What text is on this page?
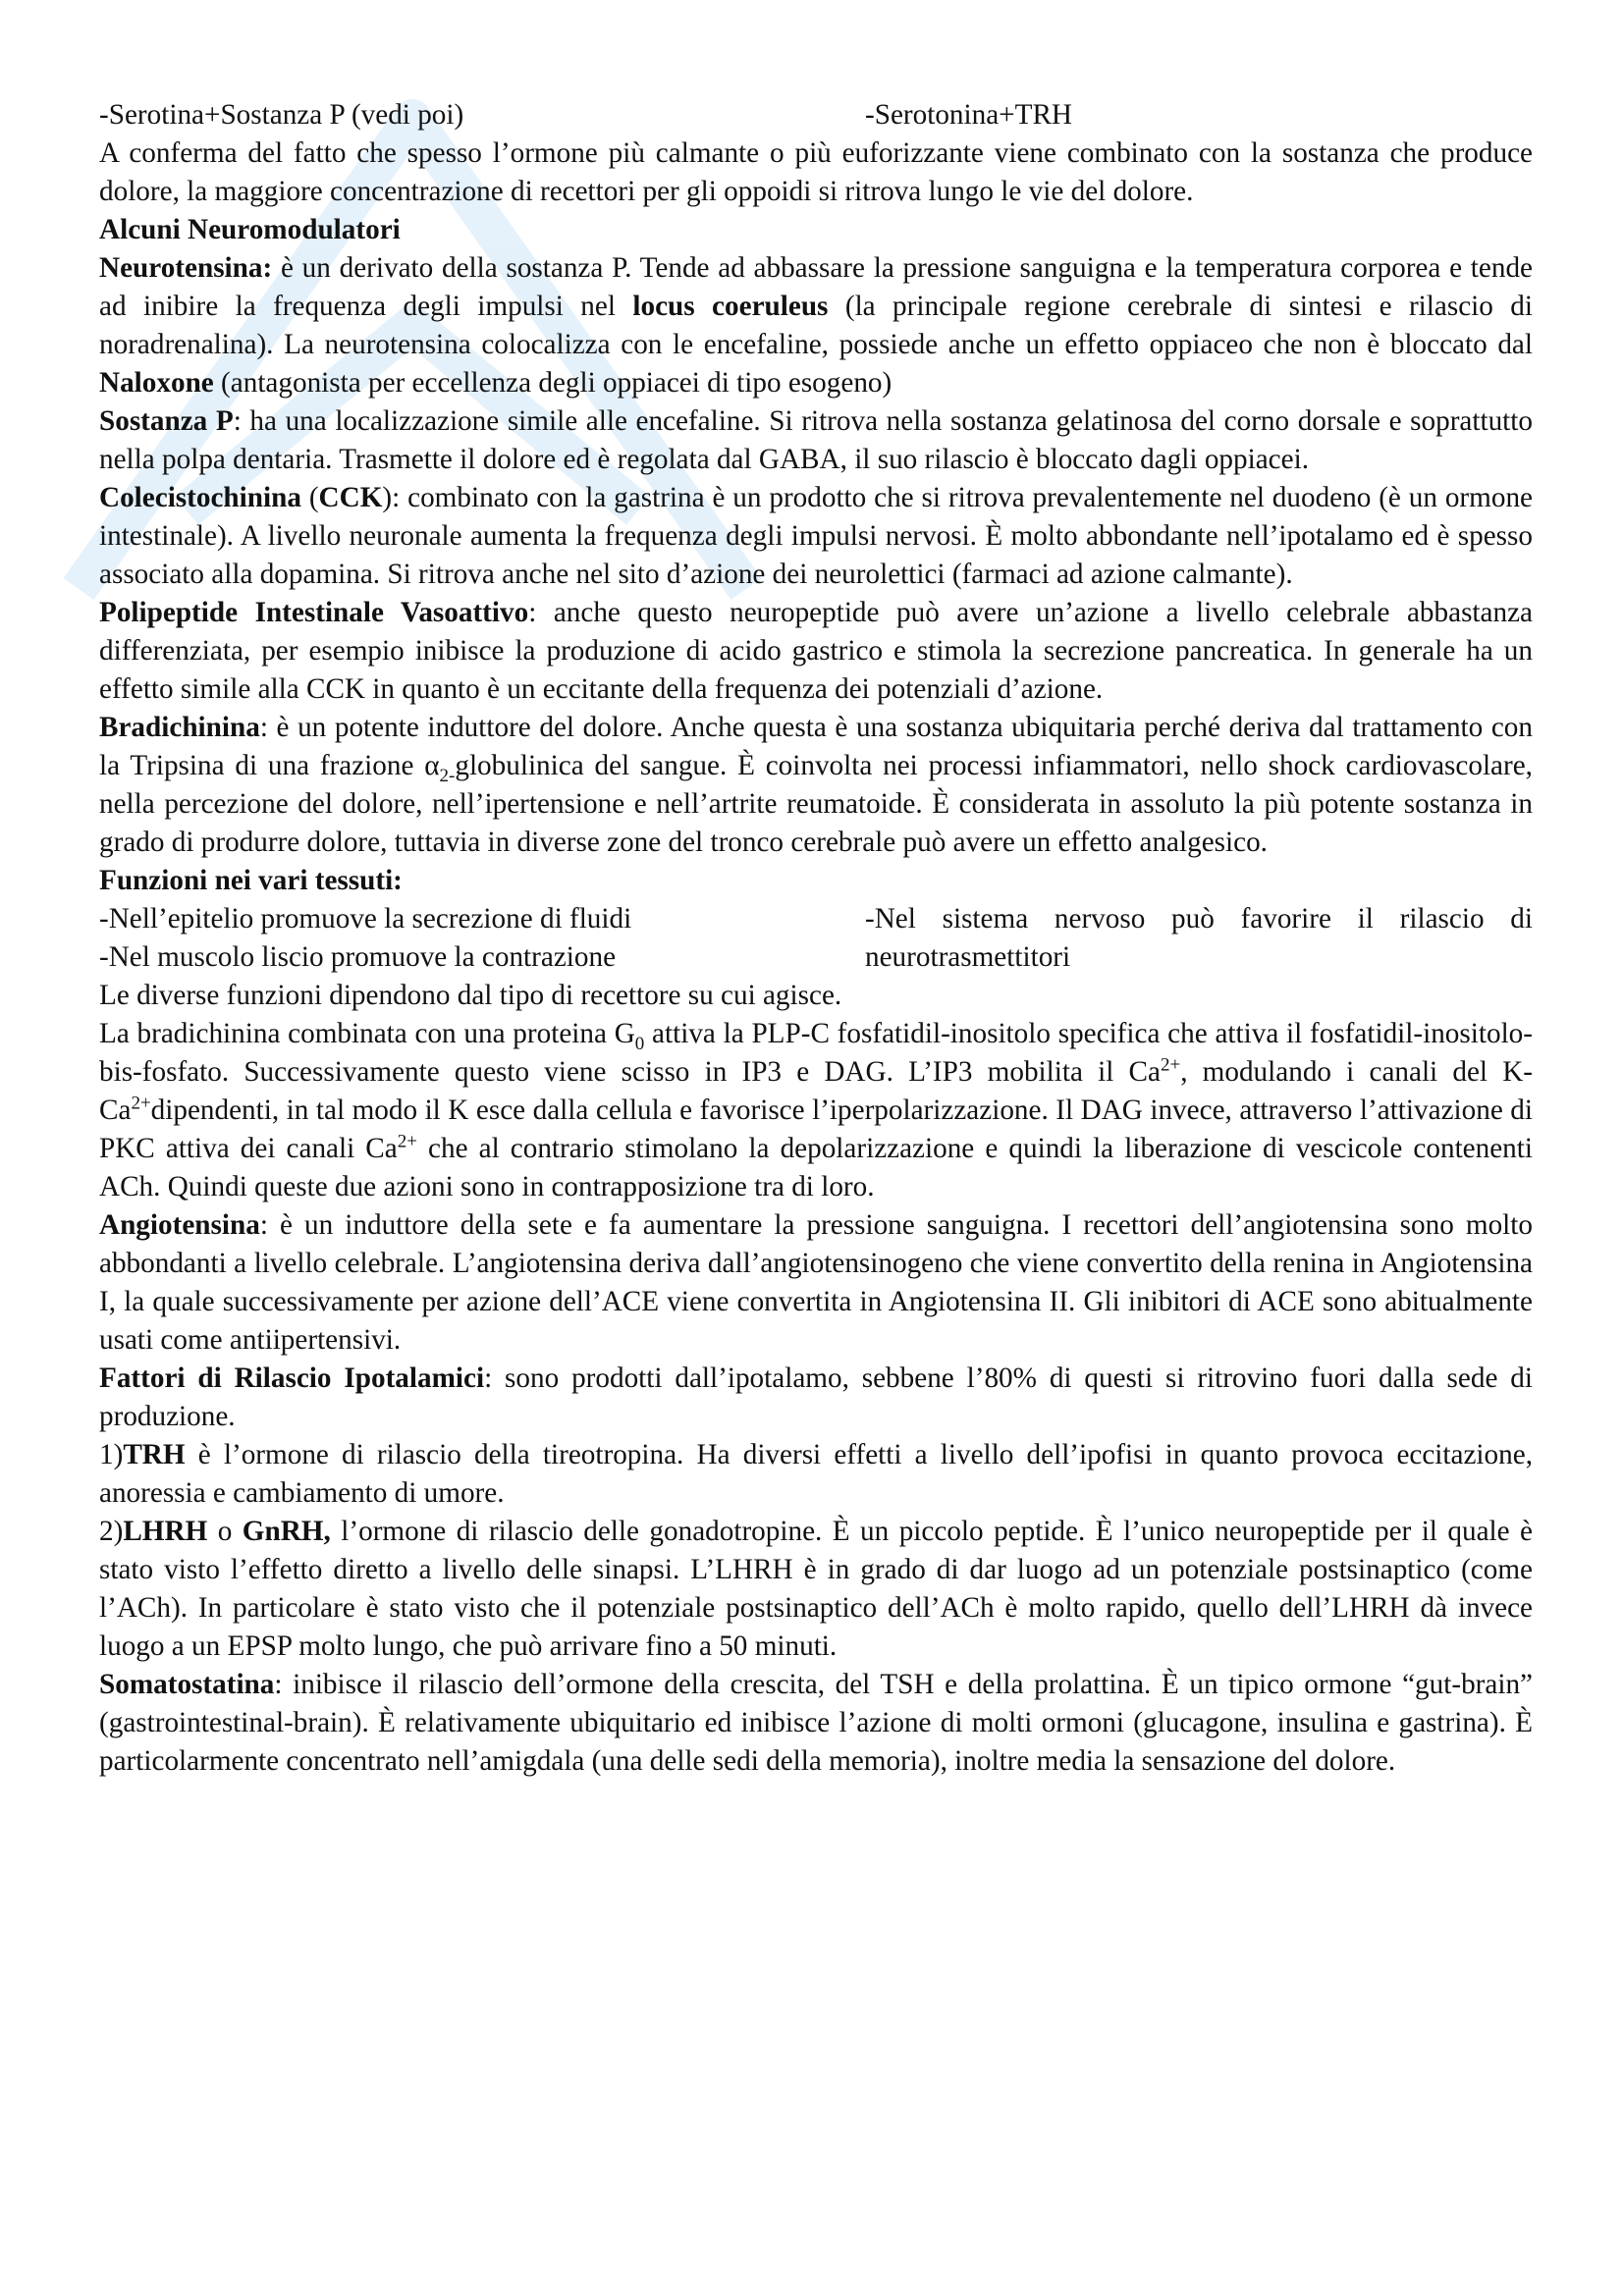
-Serotina+Sostanza P (vedi poi)	-Serotonina+TRH

A conferma del fatto che spesso l’ormone più calmante o più euforizzante viene combinato con la sostanza che produce dolore, la maggiore concentrazione di recettori per gli oppoidi si ritrova lungo le vie del dolore.

Alcuni Neuromodulatori

Neurotensina: è un derivato della sostanza P. Tende ad abbassare la pressione sanguigna e la temperatura corporea e tende ad inibire la frequenza degli impulsi nel locus coeruleus (la principale regione cerebrale di sintesi e rilascio di noradrenalina). La neurotensina colocalizza con le encefaline, possiede anche un effetto oppiaceo che non è bloccato dal Naloxone (antagonista per eccellenza degli oppiacei di tipo esogeno)

Sostanza P: ha una localizzazione simile alle encefaline. Si ritrova nella sostanza gelatinosa del corno dorsale e soprattutto nella polpa dentaria. Trasmette il dolore ed è regolata dal GABA, il suo rilascio è bloccato dagli oppiacei.

Colecistochinina (CCK): combinato con la gastrina è un prodotto che si ritrova prevalentemente nel duodeno (è un ormone intestinale). A livello neuronale aumenta la frequenza degli impulsi nervosi. È molto abbondante nell’ipotalamo ed è spesso associato alla dopamina. Si ritrova anche nel sito d’azione dei neurolettici (farmaci ad azione calmante).

Polipeptide Intestinale Vasoattivo: anche questo neuropeptide può avere un’azione a livello celebrale abbastanza differenziata, per esempio inibisce la produzione di acido gastrico e stimola la secrezione pancreatica. In generale ha un effetto simile alla CCK in quanto è un eccitante della frequenza dei potenziali d’azione.

Bradichinina: è un potente induttore del dolore. Anche questa è una sostanza ubiquitaria perché deriva dal trattamento con la Tripsina di una frazione $\alpha_{2-}globulinica$ del sangue. È coinvolta nei processi infiammatori, nello shock cardiovascolare, nella percezione del dolore, nell’ipertensione e nell’artrite reumatoide. È considerata in assoluto la più potente sostanza in grado di produrre dolore, tuttavia in diverse zone del tronco cerebrale può avere un effetto analgesico.

Funzioni nei vari tessuti:

-Nell’epitelio promuove la secrezione di fluidi
-Nel muscolo liscio promuove la contrazione
-Nel sistema nervoso può favorire il rilascio di neurotrasmettitori

Le diverse funzioni dipendono dal tipo di recettore su cui agisce.

La bradichinina combinata con una proteina $G_0$ attiva la PLP-C fosfatidil-inositolo specifica che attiva il fosfatidil-inositolo-bis-fosfato. Successivamente questo viene scisso in IP3 e DAG. L’IP3 mobilita il $Ca^{2+}$, modulando i canali del K- $Ca^{2+}dipendenti$, in tal modo il K esce dalla cellula e favorisce l’iperpolarizzazione. Il DAG invece, attraverso l’attivazione di PKC attiva dei canali $Ca^{2+}$ che al contrario stimolano la depolarizzazione e quindi la liberazione di vescicole contenenti ACh. Quindi queste due azioni sono in contrapposizione tra di loro.

Angiotensina: è un induttore della sete e fa aumentare la pressione sanguigna. I recettori dell’angiotensina sono molto abbondanti a livello celebrale. L’angiotensina deriva dall’angiotensinogeno che viene convertito della renina in Angiotensina I, la quale successivamente per azione dell’ACE viene convertita in Angiotensina II. Gli inibitori di ACE sono abitualmente usati come antiipertensivi.

Fattori di Rilascio Ipotalamici: sono prodotti dall’ipotalamo, sebbene l’80% di questi si ritrovino fuori dalla sede di produzione.

1)TRH è l’ormone di rilascio della tireotropina. Ha diversi effetti a livello dell’ipofisi in quanto provoca eccitazione, anoressia e cambiamento di umore.

2)LHRH o GnRH, l’ormone di rilascio delle gonadotropine. È un piccolo peptide. È l’unico neuropeptide per il quale è stato visto l’effetto diretto a livello delle sinapsi. L’LHRH è in grado di dar luogo ad un potenziale postsinaptico (come l’ACh). In particolare è stato visto che il potenziale postsinaptico dell’ACh è molto rapido, quello dell’LHRH dà invece luogo a un EPSP molto lungo, che può arrivare fino a 50 minuti.

Somatostatina: inibisce il rilascio dell’ormone della crescita, del TSH e della prolattina. È un tipico ormone “gut-brain” (gastrointestinal-brain). È relativamente ubiquitario ed inibisce l’azione di molti ormoni (glucagone, insulina e gastrina). È particolarmente concentrato nell’amigdala (una delle sedi della memoria), inoltre media la sensazione del dolore.
